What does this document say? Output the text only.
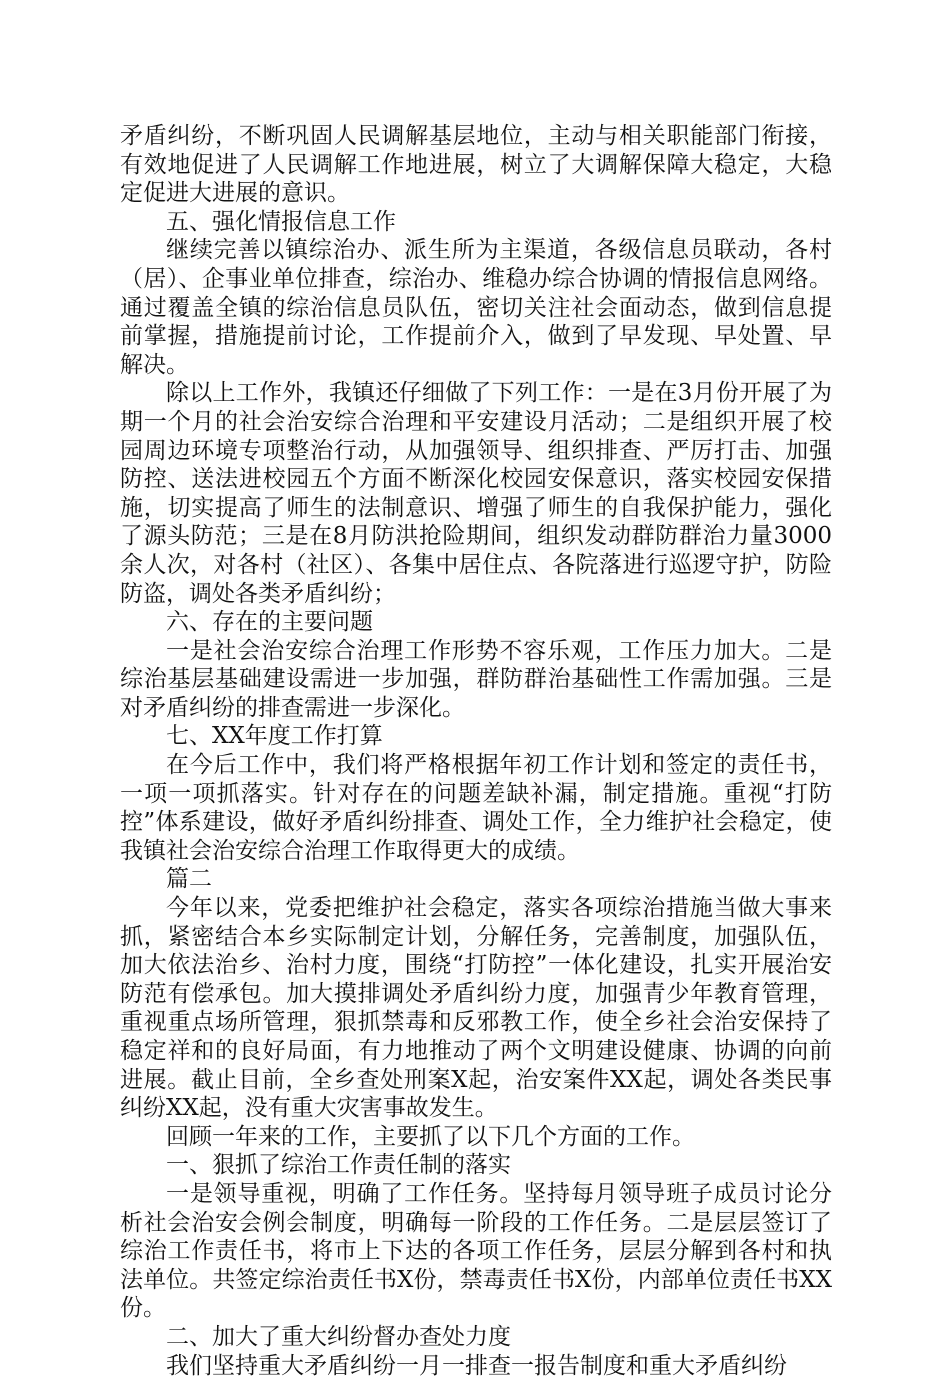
矛盾纠纷，不断巩固人民调解基层地位，主动与相关职能部门衔接，有效地促进了人民调解工作地进展，树立了大调解保障大稳定，大稳定促进大进展的意识。

五、强化情报信息工作

继续完善以镇综治办、派生所为主渠道，各级信息员联动，各村（居）、企事业单位排查，综治办、维稳办综合协调的情报信息网络。通过覆盖全镇的综治信息员队伍，密切关注社会面动态，做到信息提前掌握，措施提前讨论，工作提前介入，做到了早发现、早处置、早解决。

除以上工作外，我镇还仔细做了下列工作：一是在3月份开展了为期一个月的社会治安综合治理和平安建设月活动；二是组织开展了校园周边环境专项整治行动，从加强领导、组织排查、严厉打击、加强防控、送法进校园五个方面不断深化校园安保意识，落实校园安保措施，切实提高了师生的法制意识、增强了师生的自我保护能力，强化了源头防范；三是在8月防洪抢险期间，组织发动群防群治力量3000余人次，对各村（社区）、各集中居住点、各院落进行巡逻守护，防险防盗，调处各类矛盾纠纷；

六、存在的主要问题

一是社会治安综合治理工作形势不容乐观，工作压力加大。二是综治基层基础建设需进一步加强，群防群治基础性工作需加强。三是对矛盾纠纷的排查需进一步深化。

七、XX年度工作打算

在今后工作中，我们将严格根据年初工作计划和签定的责任书，一项一项抓落实。针对存在的问题差缺补漏，制定措施。重视“打防控”体系建设，做好矛盾纠纷排查、调处工作，全力维护社会稳定，使我镇社会治安综合治理工作取得更大的成绩。

篇二

今年以来，党委把维护社会稳定，落实各项综治措施当做大事来抓，紧密结合本乡实际制定计划，分解任务，完善制度，加强队伍，加大依法治乡、治村力度，围绕“打防控”一体化建设，扎实开展治安防范有偿承包。加大摸排调处矛盾纠纷力度，加强青少年教育管理，重视重点场所管理，狠抓禁毒和反邪教工作，使全乡社会治安保持了稳定祥和的良好局面，有力地推动了两个文明建设健康、协调的向前进展。截止目前，全乡查处刑案X起，治安案件XX起，调处各类民事纠纷XX起，没有重大灾害事故发生。

回顾一年来的工作，主要抓了以下几个方面的工作。

一、狠抓了综治工作责任制的落实

一是领导重视，明确了工作任务。坚持每月领导班子成员讨论分析社会治安会例会制度，明确每一阶段的工作任务。二是层层签订了综治工作责任书，将市上下达的各项工作任务，层层分解到各村和执法单位。共签定综治责任书X份，禁毒责任书X份，内部单位责任书XX份。

二、加大了重大纠纷督办查处力度

我们坚持重大矛盾纠纷一月一排查一报告制度和重大矛盾纠纷
